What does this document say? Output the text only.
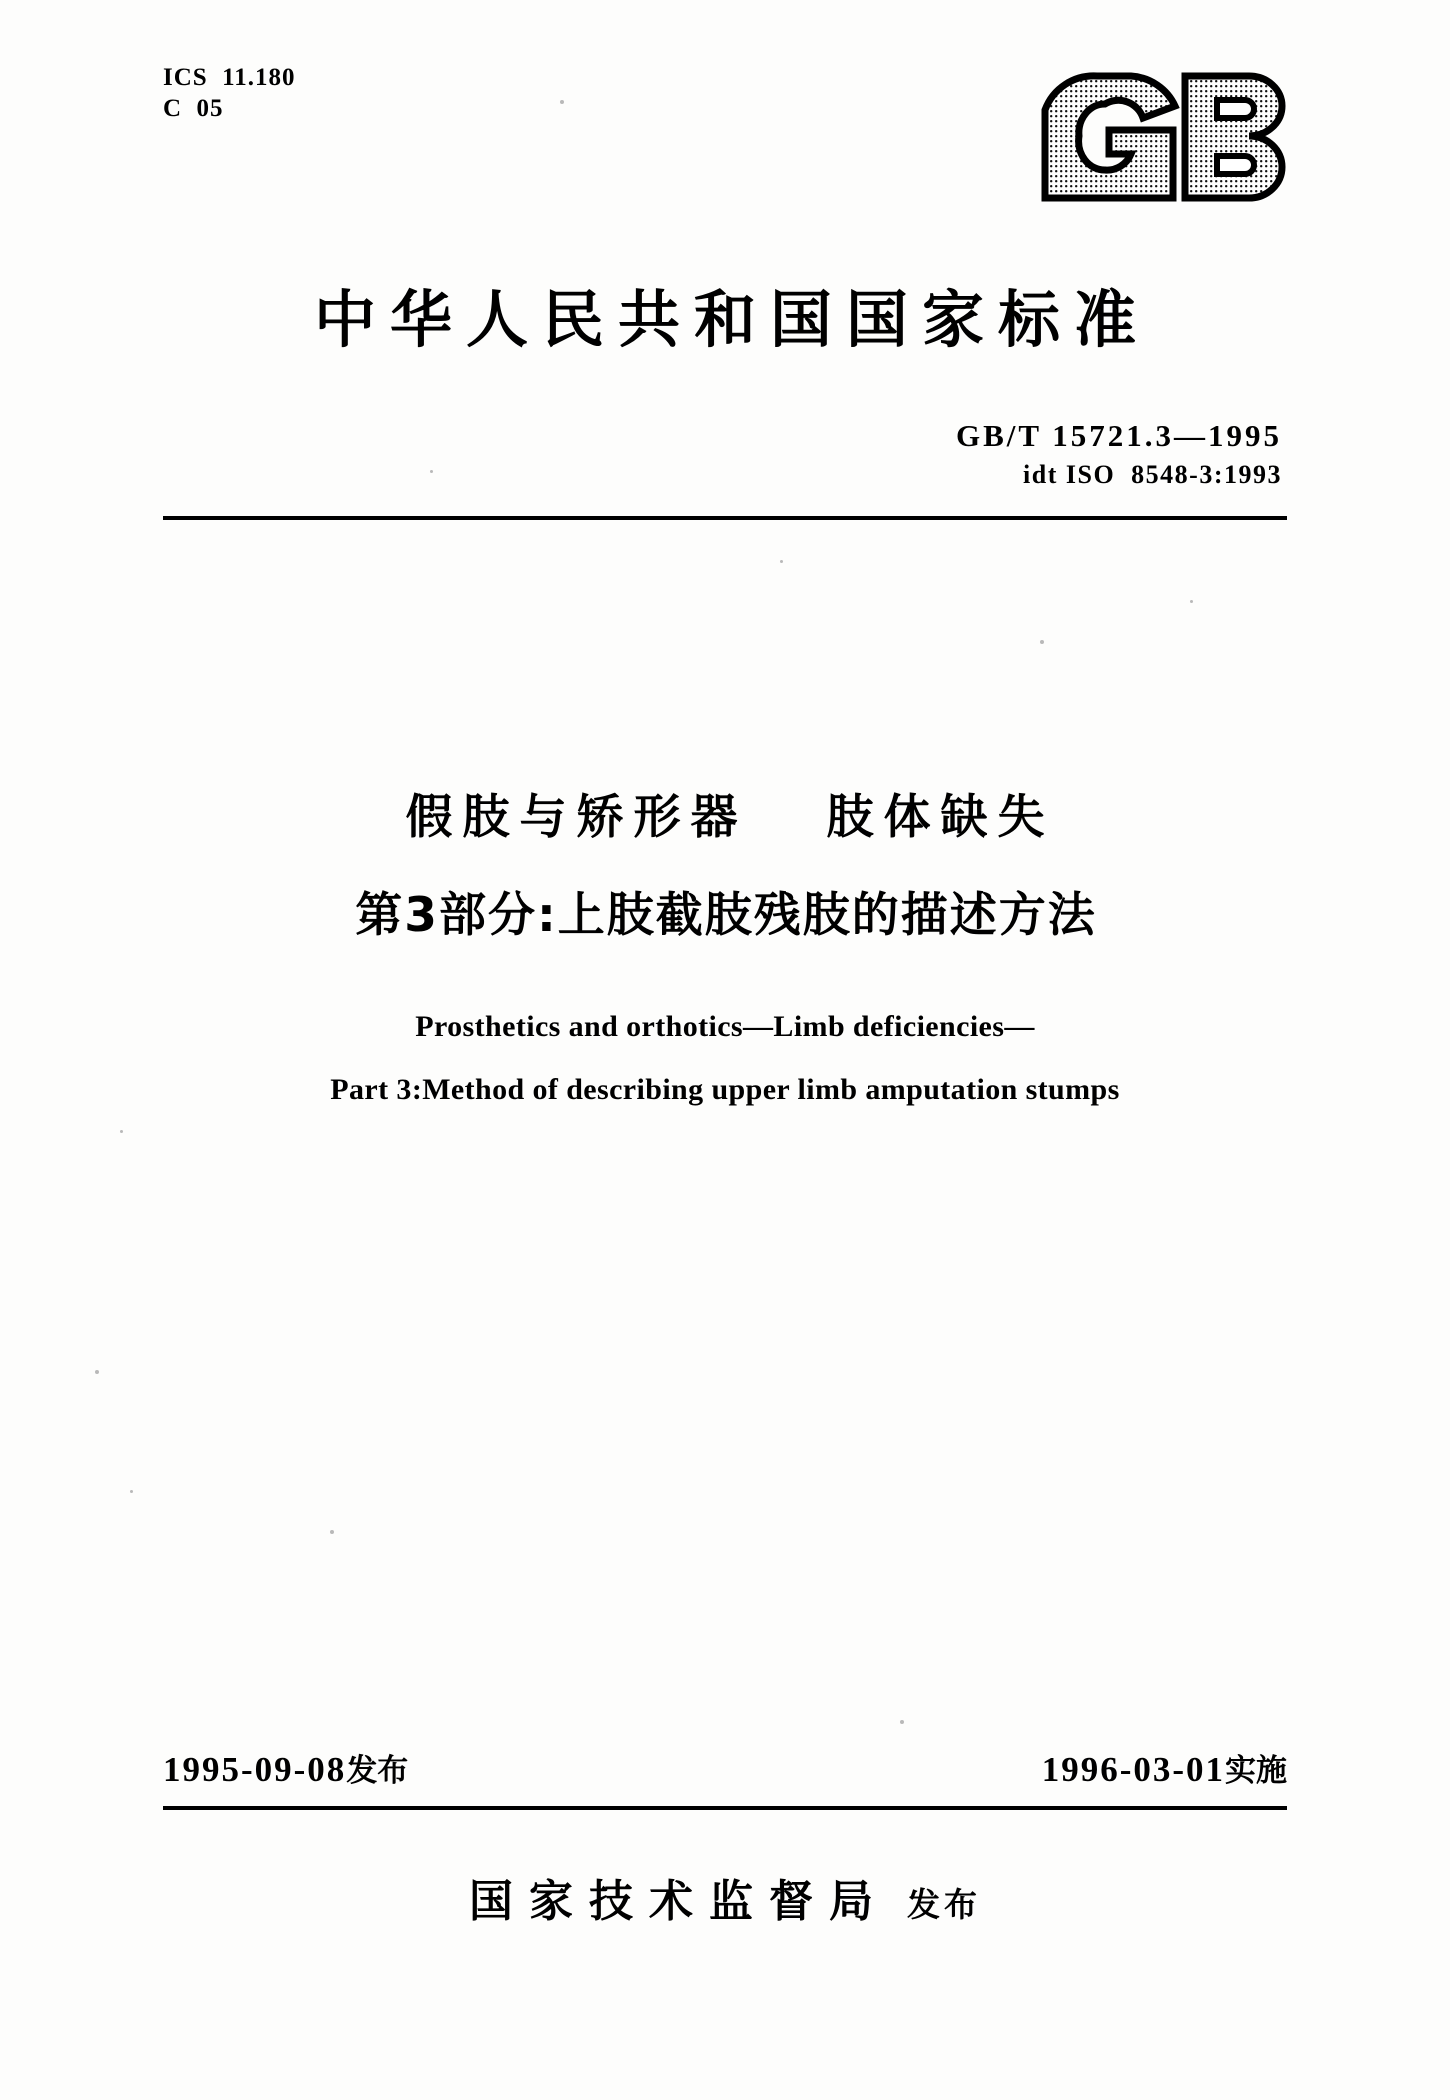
ICS  11.180
C  05
中华人民共和国国家标准
GB/T 15721.3—1995
idt ISO  8548-3:1993
假肢与矫形器   肢体缺失
第3部分:上肢截肢残肢的描述方法
Prosthetics and orthotics—Limb deficiencies—
Part 3:Method of describing upper limb amputation stumps
1995-09-08发布	1996-03-01实施
国家技术监督局 发布
